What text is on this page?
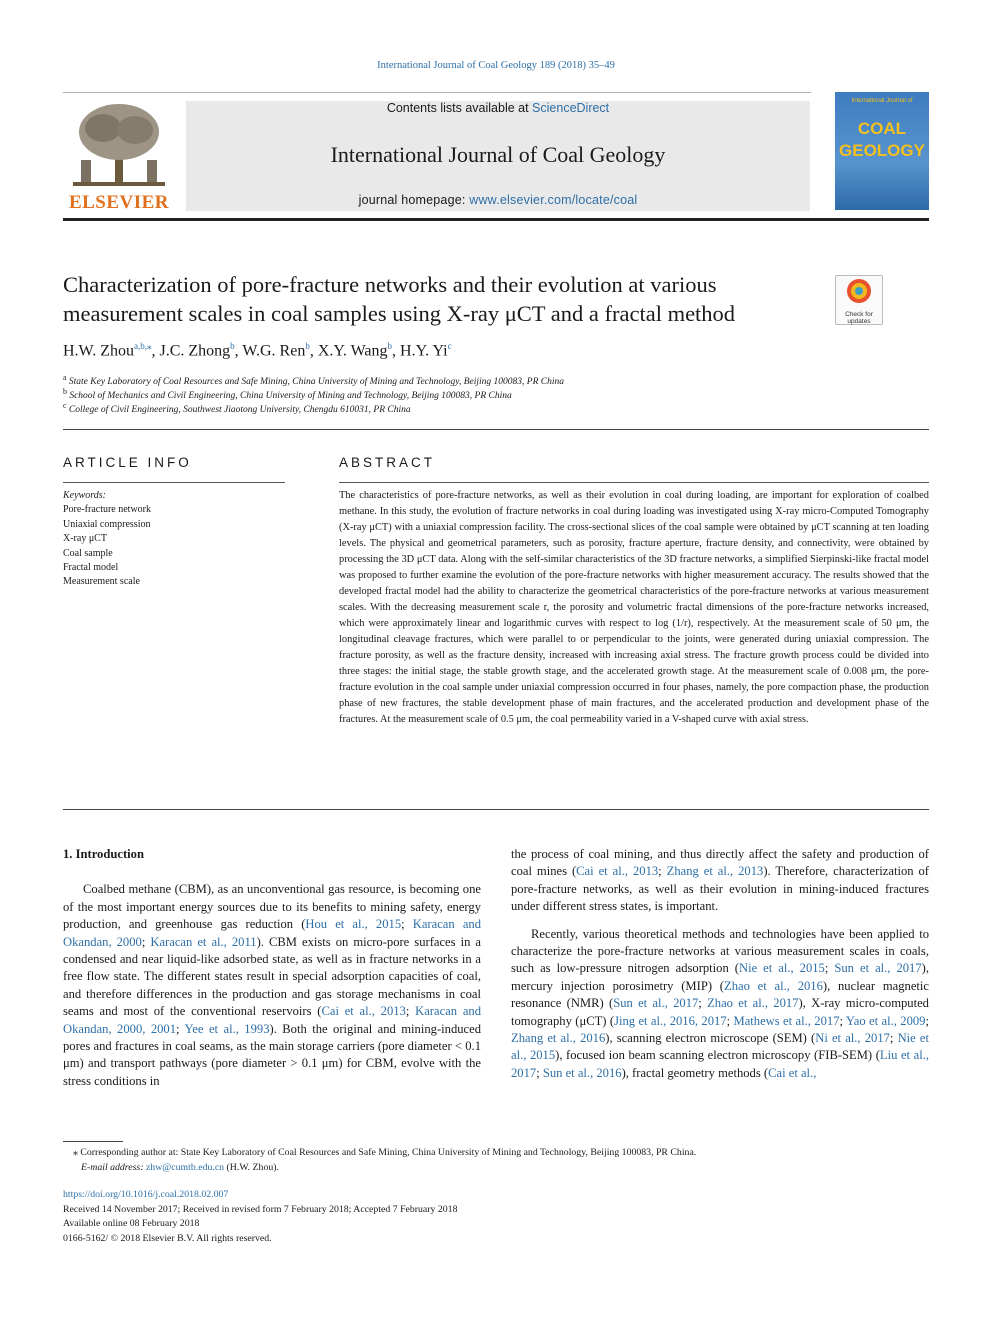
International Journal of Coal Geology 189 (2018) 35–49
ELSEVIER
Contents lists available at ScienceDirect
International Journal of Coal Geology
journal homepage: www.elsevier.com/locate/coal
International Journal of
COAL
GEOLOGY
Characterization of pore-fracture networks and their evolution at various measurement scales in coal samples using X-ray μCT and a fractal method	Check for updates
H.W. Zhou$^{a,b,⁎}$, J.C. Zhong$^b$, W.G. Ren$^b$, X.Y. Wang$^b$, H.Y. Yi$^c$
$^a$ State Key Laboratory of Coal Resources and Safe Mining, China University of Mining and Technology, Beijing 100083, PR China
$^b$ School of Mechanics and Civil Engineering, China University of Mining and Technology, Beijing 100083, PR China
$^c$ College of Civil Engineering, Southwest Jiaotong University, Chengdu 610031, PR China
ARTICLE INFO	ABSTRACT
Keywords:
Pore-fracture network
Uniaxial compression
X-ray μCT
Coal sample
Fractal model
Measurement scale
The characteristics of pore-fracture networks, as well as their evolution in coal during loading, are important for exploration of coalbed methane. In this study, the evolution of fracture networks in coal during loading was investigated using X-ray micro-Computed Tomography (X-ray μCT) with a uniaxial compression facility. The cross-sectional slices of the coal sample were obtained by μCT scanning at ten loading levels. The physical and geometrical parameters, such as porosity, fracture aperture, fracture density, and connectivity, were obtained by processing the 3D μCT data. Along with the self-similar characteristics of the 3D fracture networks, a simplified Sierpinski-like fractal model was proposed to further examine the evolution of the pore-fracture networks with higher measurement accuracy. The results showed that the developed fractal model had the ability to characterize the geometrical characteristics of the pore-fracture networks at various measurement scales. With the decreasing measurement scale r, the porosity and volumetric fractal dimensions of the pore-fracture networks increased, which were approximately linear and logarithmic curves with respect to log (1/r), respectively. At the measurement scale of 50 μm, the longitudinal cleavage fractures, which were parallel to or perpendicular to the joints, were generated during uniaxial compression. The fracture porosity, as well as the fracture density, increased with increasing axial stress. The fracture growth process could be divided into three stages: the initial stage, the stable growth stage, and the accelerated growth stage. At the measurement scale of 0.008 μm, the pore-fracture evolution in the coal sample under uniaxial compression occurred in four phases, namely, the pore compaction phase, the production phase of new fractures, the stable development phase of main fractures, and the accelerated production and development phase of the fractures. At the measurement scale of 0.5 μm, the coal permeability varied in a V-shaped curve with axial stress.
1. Introduction

Coalbed methane (CBM), as an unconventional gas resource, is becoming one of the most important energy sources due to its benefits to mining safety, energy production, and greenhouse gas reduction (Hou et al., 2015; Karacan and Okandan, 2000; Karacan et al., 2011). CBM exists on micro-pore surfaces in a condensed and near liquid-like adsorbed state, as well as in fracture networks in a free flow state. The different states result in special adsorption capacities of coal, and therefore differences in the production and gas storage mechanisms in coal seams and most of the conventional reservoirs (Cai et al., 2013; Karacan and Okandan, 2000, 2001; Yee et al., 1993). Both the original and mining-induced pores and fractures in coal seams, as the main storage carriers (pore diameter < 0.1 μm) and transport pathways (pore diameter > 0.1 μm) for CBM, evolve with the stress conditions in

the process of coal mining, and thus directly affect the safety and production of coal mines (Cai et al., 2013; Zhang et al., 2013). Therefore, characterization of pore-fracture networks, as well as their evolution in mining-induced fractures under different stress states, is important.

Recently, various theoretical methods and technologies have been applied to characterize the pore-fracture networks at various measurement scales in coals, such as low-pressure nitrogen adsorption (Nie et al., 2015; Sun et al., 2017), mercury injection porosimetry (MIP) (Zhao et al., 2016), nuclear magnetic resonance (NMR) (Sun et al., 2017; Zhao et al., 2017), X-ray micro-computed tomography (μCT) (Jing et al., 2016, 2017; Mathews et al., 2017; Yao et al., 2009; Zhang et al., 2016), scanning electron microscope (SEM) (Ni et al., 2017; Nie et al., 2015), focused ion beam scanning electron microscopy (FIB-SEM) (Liu et al., 2017; Sun et al., 2016), fractal geometry methods (Cai et al.,

⁎ Corresponding author at: State Key Laboratory of Coal Resources and Safe Mining, China University of Mining and Technology, Beijing 100083, PR China.
E-mail address: zhw@cumtb.edu.cn (H.W. Zhou).
https://doi.org/10.1016/j.coal.2018.02.007
Received 14 November 2017; Received in revised form 7 February 2018; Accepted 7 February 2018
Available online 08 February 2018
0166-5162/ © 2018 Elsevier B.V. All rights reserved.
